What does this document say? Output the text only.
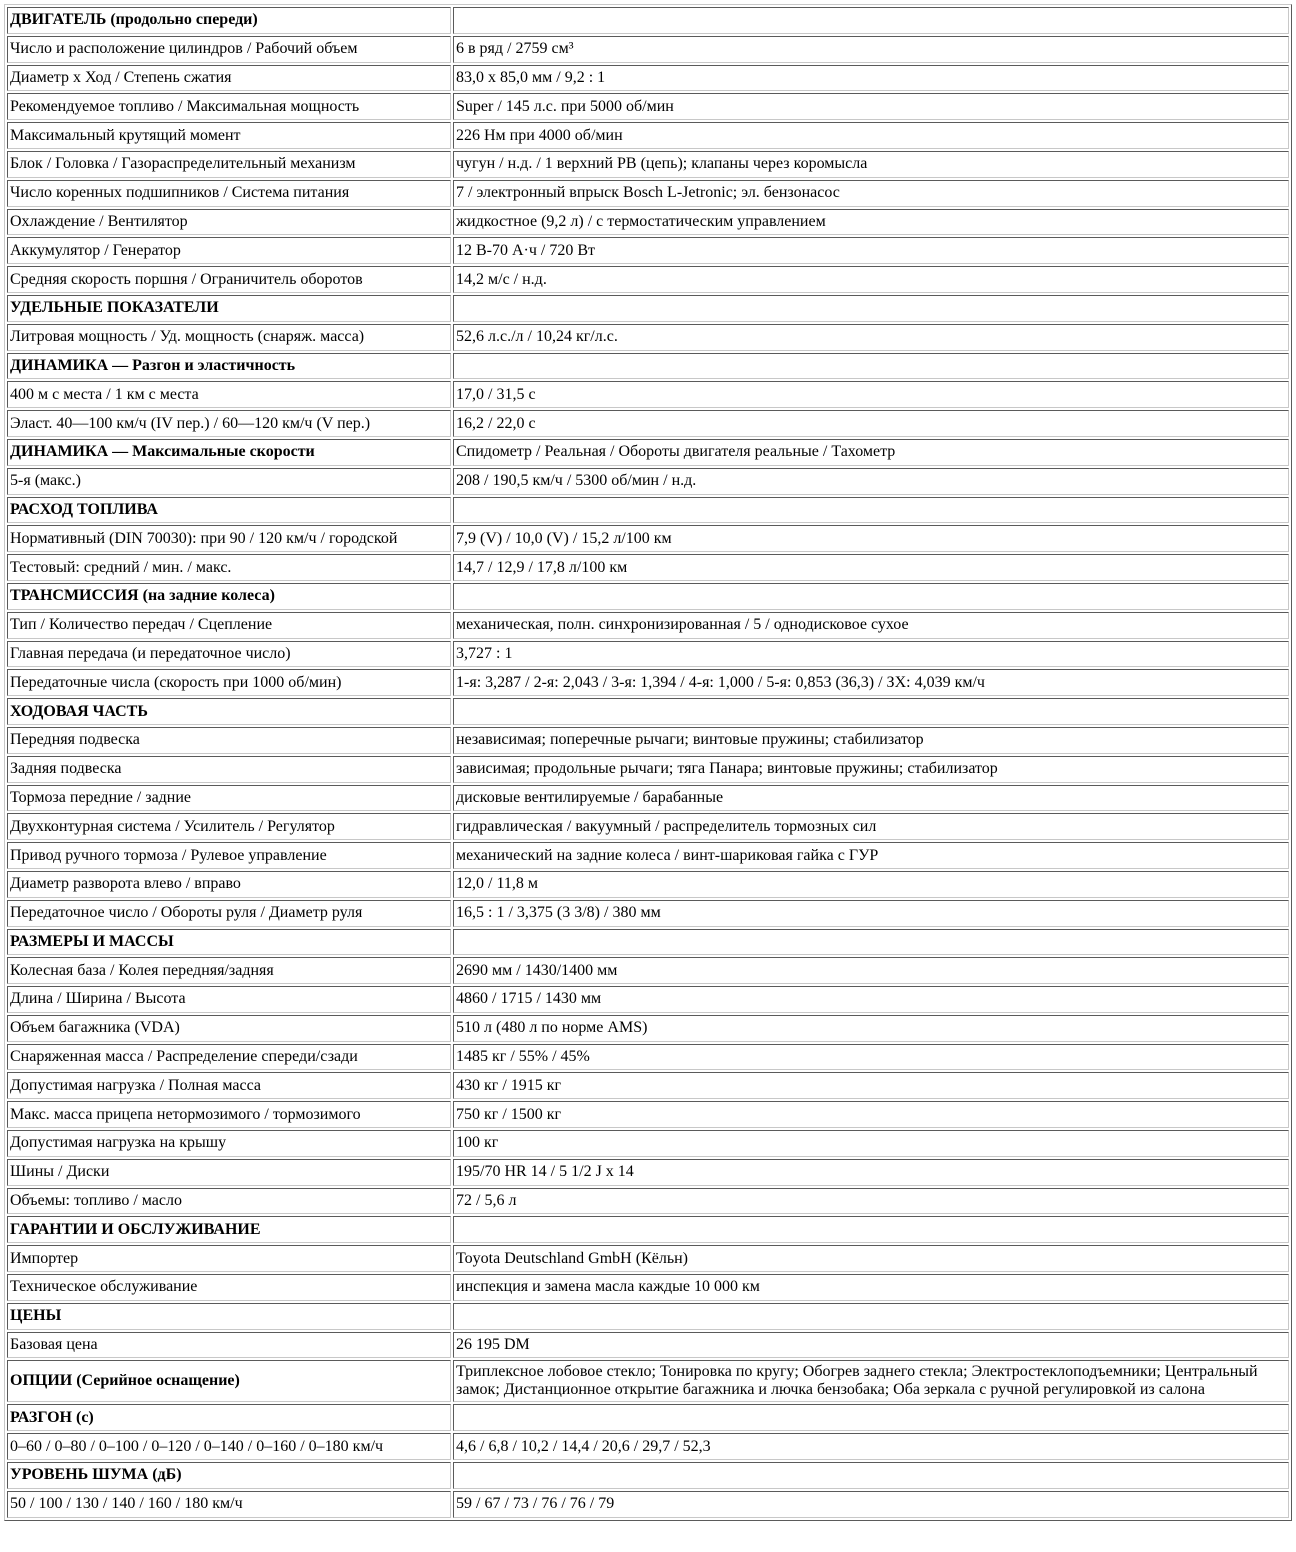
ДВИГАТЕЛЬ (продольно спереди)	
Число и расположение цилиндров / Рабочий объем	6 в ряд / 2759 см³
Диаметр x Ход / Степень сжатия	83,0 x 85,0 мм / 9,2 : 1
Рекомендуемое топливо / Максимальная мощность	Super / 145 л.с. при 5000 об/мин
Максимальный крутящий момент	226 Нм при 4000 об/мин
Блок / Головка / Газораспределительный механизм	чугун / н.д. / 1 верхний РВ (цепь); клапаны через коромысла
Число коренных подшипников / Система питания	7 / электронный впрыск Bosch L-Jetronic; эл. бензонасос
Охлаждение / Вентилятор	жидкостное (9,2 л) / с термостатическим управлением
Аккумулятор / Генератор	12 В-70 А·ч / 720 Вт
Средняя скорость поршня / Ограничитель оборотов	14,2 м/с / н.д.
УДЕЛЬНЫЕ ПОКАЗАТЕЛИ	
Литровая мощность / Уд. мощность (снаряж. масса)	52,6 л.с./л / 10,24 кг/л.с.
ДИНАМИКА — Разгон и эластичность	
400 м с места / 1 км с места	17,0 / 31,5 с
Эласт. 40—100 км/ч (IV пер.) / 60—120 км/ч (V пер.)	16,2 / 22,0 с
ДИНАМИКА — Максимальные скорости	Спидометр / Реальная / Обороты двигателя реальные / Тахометр
5-я (макс.)	208 / 190,5 км/ч / 5300 об/мин / н.д.
РАСХОД ТОПЛИВА	
Нормативный (DIN 70030): при 90 / 120 км/ч / городской	7,9 (V) / 10,0 (V) / 15,2 л/100 км
Тестовый: средний / мин. / макс.	14,7 / 12,9 / 17,8 л/100 км
ТРАНСМИССИЯ (на задние колеса)	
Тип / Количество передач / Сцепление	механическая, полн. синхронизированная / 5 / однодисковое сухое
Главная передача (и передаточное число)	3,727 : 1
Передаточные числа (скорость при 1000 об/мин)	1-я: 3,287 / 2-я: 2,043 / 3-я: 1,394 / 4-я: 1,000 / 5-я: 0,853 (36,3) / ЗХ: 4,039 км/ч
ХОДОВАЯ ЧАСТЬ	
Передняя подвеска	независимая; поперечные рычаги; винтовые пружины; стабилизатор
Задняя подвеска	зависимая; продольные рычаги; тяга Панара; винтовые пружины; стабилизатор
Тормоза передние / задние	дисковые вентилируемые / барабанные
Двухконтурная система / Усилитель / Регулятор	гидравлическая / вакуумный / распределитель тормозных сил
Привод ручного тормоза / Рулевое управление	механический на задние колеса / винт-шариковая гайка с ГУР
Диаметр разворота влево / вправо	12,0 / 11,8 м
Передаточное число / Обороты руля / Диаметр руля	16,5 : 1 / 3,375 (3 3/8) / 380 мм
РАЗМЕРЫ И МАССЫ	
Колесная база / Колея передняя/задняя	2690 мм / 1430/1400 мм
Длина / Ширина / Высота	4860 / 1715 / 1430 мм
Объем багажника (VDA)	510 л (480 л по норме AMS)
Снаряженная масса / Распределение спереди/сзади	1485 кг / 55% / 45%
Допустимая нагрузка / Полная масса	430 кг / 1915 кг
Макс. масса прицепа нетормозимого / тормозимого	750 кг / 1500 кг
Допустимая нагрузка на крышу	100 кг
Шины / Диски	195/70 HR 14 / 5 1/2 J x 14
Объемы: топливо / масло	72 / 5,6 л
ГАРАНТИИ И ОБСЛУЖИВАНИЕ	
Импортер	Toyota Deutschland GmbH (Кёльн)
Техническое обслуживание	инспекция и замена масла каждые 10 000 км
ЦЕНЫ	
Базовая цена	26 195 DM
ОПЦИИ (Серийное оснащение)	Триплексное лобовое стекло; Тонировка по кругу; Обогрев заднего стекла; Электростеклоподъемники; Центральный замок; Дистанционное открытие багажника и лючка бензобака; Оба зеркала с ручной регулировкой из салона
РАЗГОН (с)	
0–60 / 0–80 / 0–100 / 0–120 / 0–140 / 0–160 / 0–180 км/ч	4,6 / 6,8 / 10,2 / 14,4 / 20,6 / 29,7 / 52,3
УРОВЕНЬ ШУМА (дБ)	
50 / 100 / 130 / 140 / 160 / 180 км/ч	59 / 67 / 73 / 76 / 76 / 79
